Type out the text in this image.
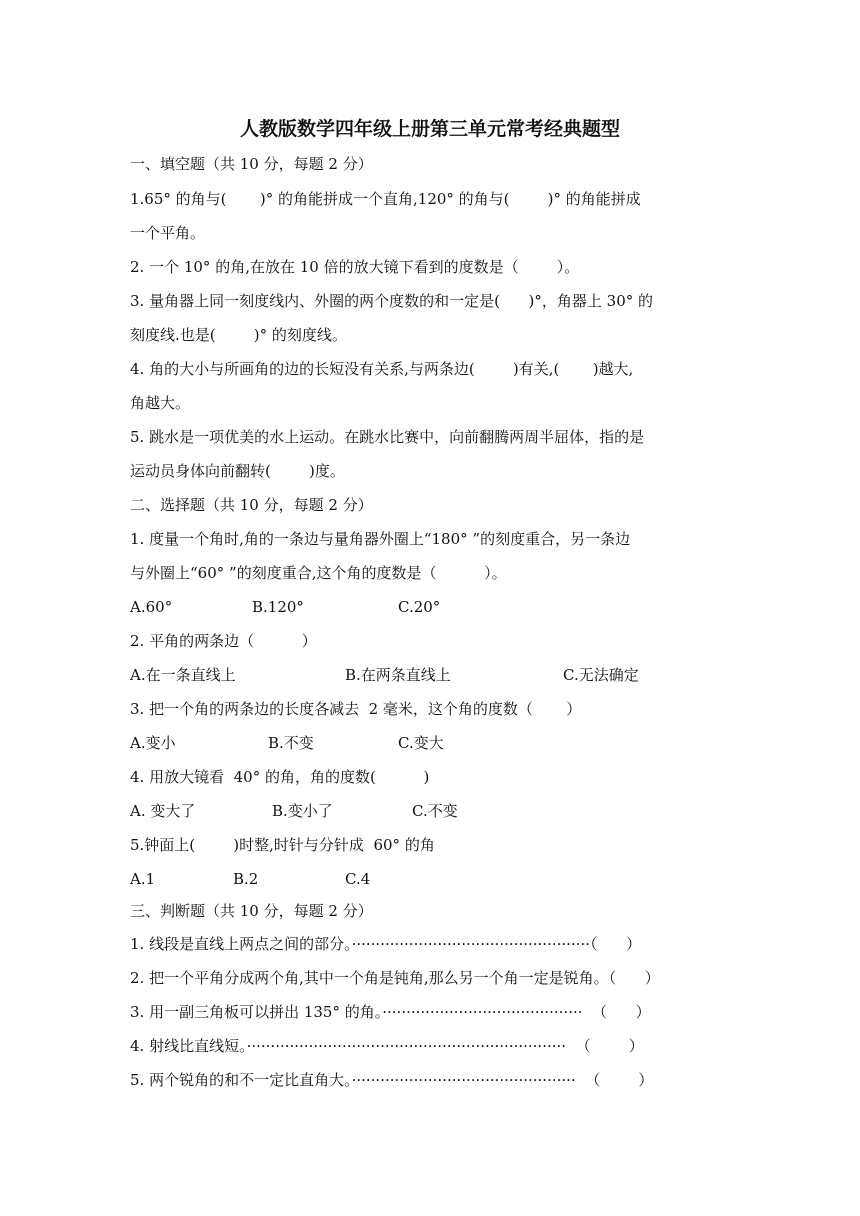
人教版数学四年级上册第三单元常考经典题型
一、填空题（共 10 分，每题 2 分）
1.65° 的角与(       )° 的角能拼成一个直角,120° 的角与(        )° 的角能拼成
一个平角。
2. 一个 10° 的角,在放在 10 倍的放大镜下看到的度数是（        ）。
3. 量角器上同一刻度线内、外圈的两个度数的和一定是(      )°，角器上 30° 的
刻度线.也是(        )° 的刻度线。
4. 角的大小与所画角的边的长短没有关系,与两条边(        )有关,(       )越大,
角越大。
5. 跳水是一项优美的水上运动。在跳水比赛中，向前翻腾两周半屈体，指的是
运动员身体向前翻转(        )度。
二、选择题（共 10 分，每题 2 分）
1. 度量一个角时,角的一条边与量角器外圈上“180° ”的刻度重合，另一条边
与外圈上“60° ”的刻度重合,这个角的度数是（          ）。
A.60°	B.120°	C.20°
2. 平角的两条边（          ）
A.在一条直线上	B.在两条直线上	C.无法确定
3. 把一个角的两条边的长度各减去  2 毫米，这个角的度数（       ）
A.变小	B.不变	C.变大
4. 用放大镜看  40° 的角，角的度数(          )
A. 变大了	B.变小了	C.不变
5.钟面上(        )时整,时针与分针成  60° 的角
A.1	B.2	C.4
三、判断题（共 10 分，每题 2 分）
1. 线段是直线上两点之间的部分。··················································（      ）
2. 把一个平角分成两个角,其中一个角是钝角,那么另一个角一定是锐角。（      ）
3. 用一副三角板可以拼出 135° 的角。··········································  （      ）
4. 射线比直线短。···································································  （        ）
5. 两个锐角的和不一定比直角大。···············································  （        ）
